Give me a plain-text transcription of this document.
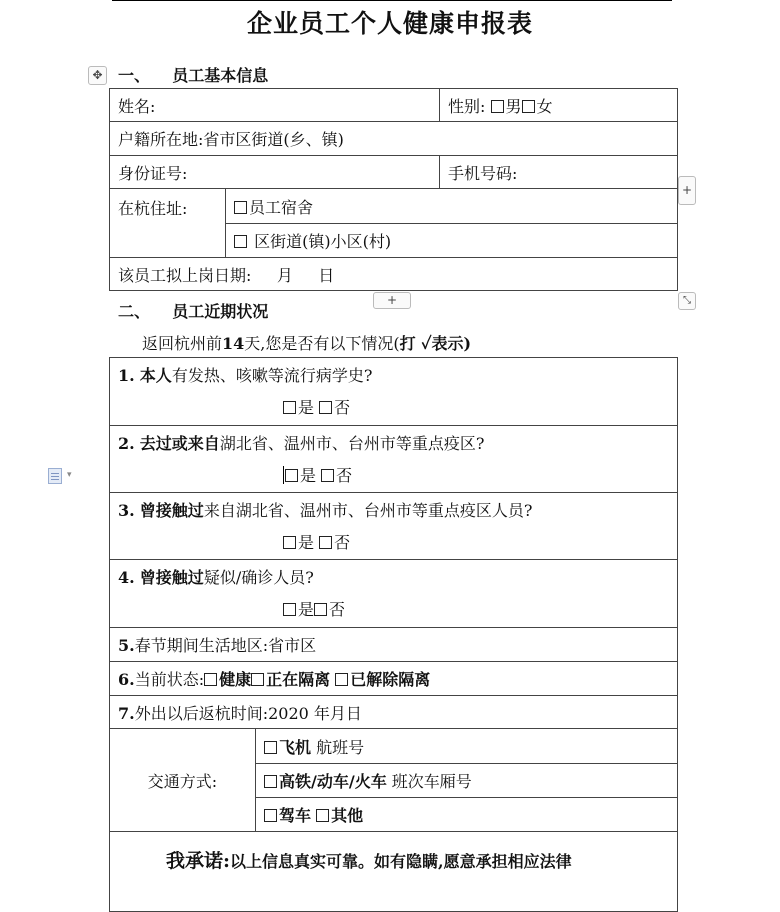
企业员工个人健康申报表
✥ 一、 员工基本信息
姓名:		性别: 男 女
户籍所在地:省市区街道(乡、镇)		
身份证号:		手机号码:
在杭住址:	员工宿舍	
	区街道(镇)小区(村)	
该员工拟上岗日期:     月     日		
+
+	⤡
二、 员工近期状况
返回杭州前14天,您是否有以下情况(打 ✓表示)
▾
1. 本人有发热、咳嗽等流行病学史?
是 否

2. 去过或来自湖北省、温州市、台州市等重点疫区?
是 否

3. 曾接触过来自湖北省、温州市、台州市等重点疫区人员?
是 否

4. 曾接触过疑似/确诊人员?
是 否

5.春节期间生活地区:省市区
6.当前状态: 健康 正在隔离 已解除隔离
7.外出以后返杭时间:2020 年月日
交通方式:	飞机 航班号
高铁/动车/火车 班次车厢号
驾车 其他
我承诺:以上信息真实可靠。如有隐瞒,愿意承担相应法律
